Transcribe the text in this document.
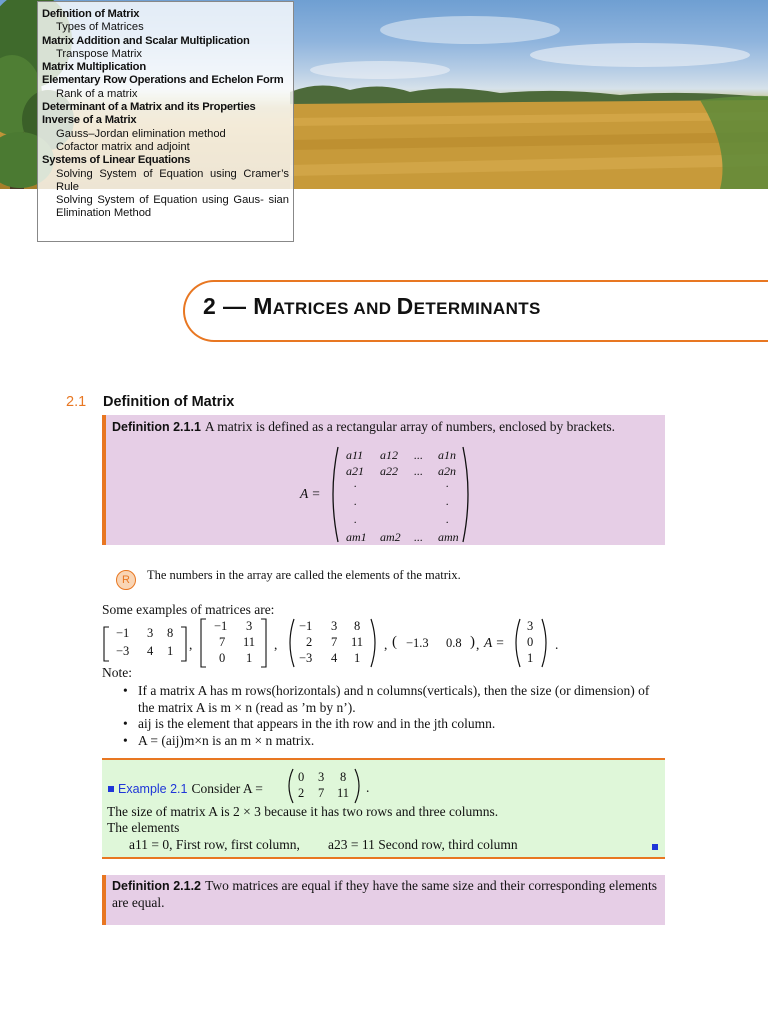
Definition of Matrix
Types of Matrices
Matrix Addition and Scalar Multiplication
Transpose Matrix
Matrix Multiplication
Elementary Row Operations and Echelon Form
Rank of a matrix
Determinant of a Matrix and its Properties
Inverse of a Matrix
Gauss–Jordan elimination method
Cofactor matrix and adjoint
Systems of Linear Equations
Solving System of Equation using Cramer’s Rule
Solving System of Equation using Gaus- sian Elimination Method
2 — MATRICES AND DETERMINANTS
2.1 Definition of Matrix
Definition 2.1.1 A matrix is defined as a rectangular array of numbers, enclosed by brackets.
A =
a11 a12 ... a1n
a21 a22 ... a2n
.	.
.	.
.	.
am1 am2 ... amn
R	The numbers in the array are called the elements of the matrix.
Some examples of matrices are:
−1 3 8
−3 4 1 ,
−1 3
7 11
0 1
,
−1 3 8
2 7 11
−3 4 1
, ( −1.3 0.8 ) , A =
3
0
1
.
Note:
• If a matrix A has m rows(horizontals) and n columns(verticals), then the size (or dimension) of the matrix A is m × n (read as ’m by n’).
• aij is the element that appears in the ith row and in the jth column.
• A = (aij)m×n is an m × n matrix.
Example 2.1 Consider A =
0 3 8
2 7 11 .
The size of matrix A is 2 × 3 because it has two rows and three columns.
The elements
a11 = 0, First row, first column, a23 = 11 Second row, third column
Definition 2.1.2 Two matrices are equal if they have the same size and their corresponding elements are equal.
